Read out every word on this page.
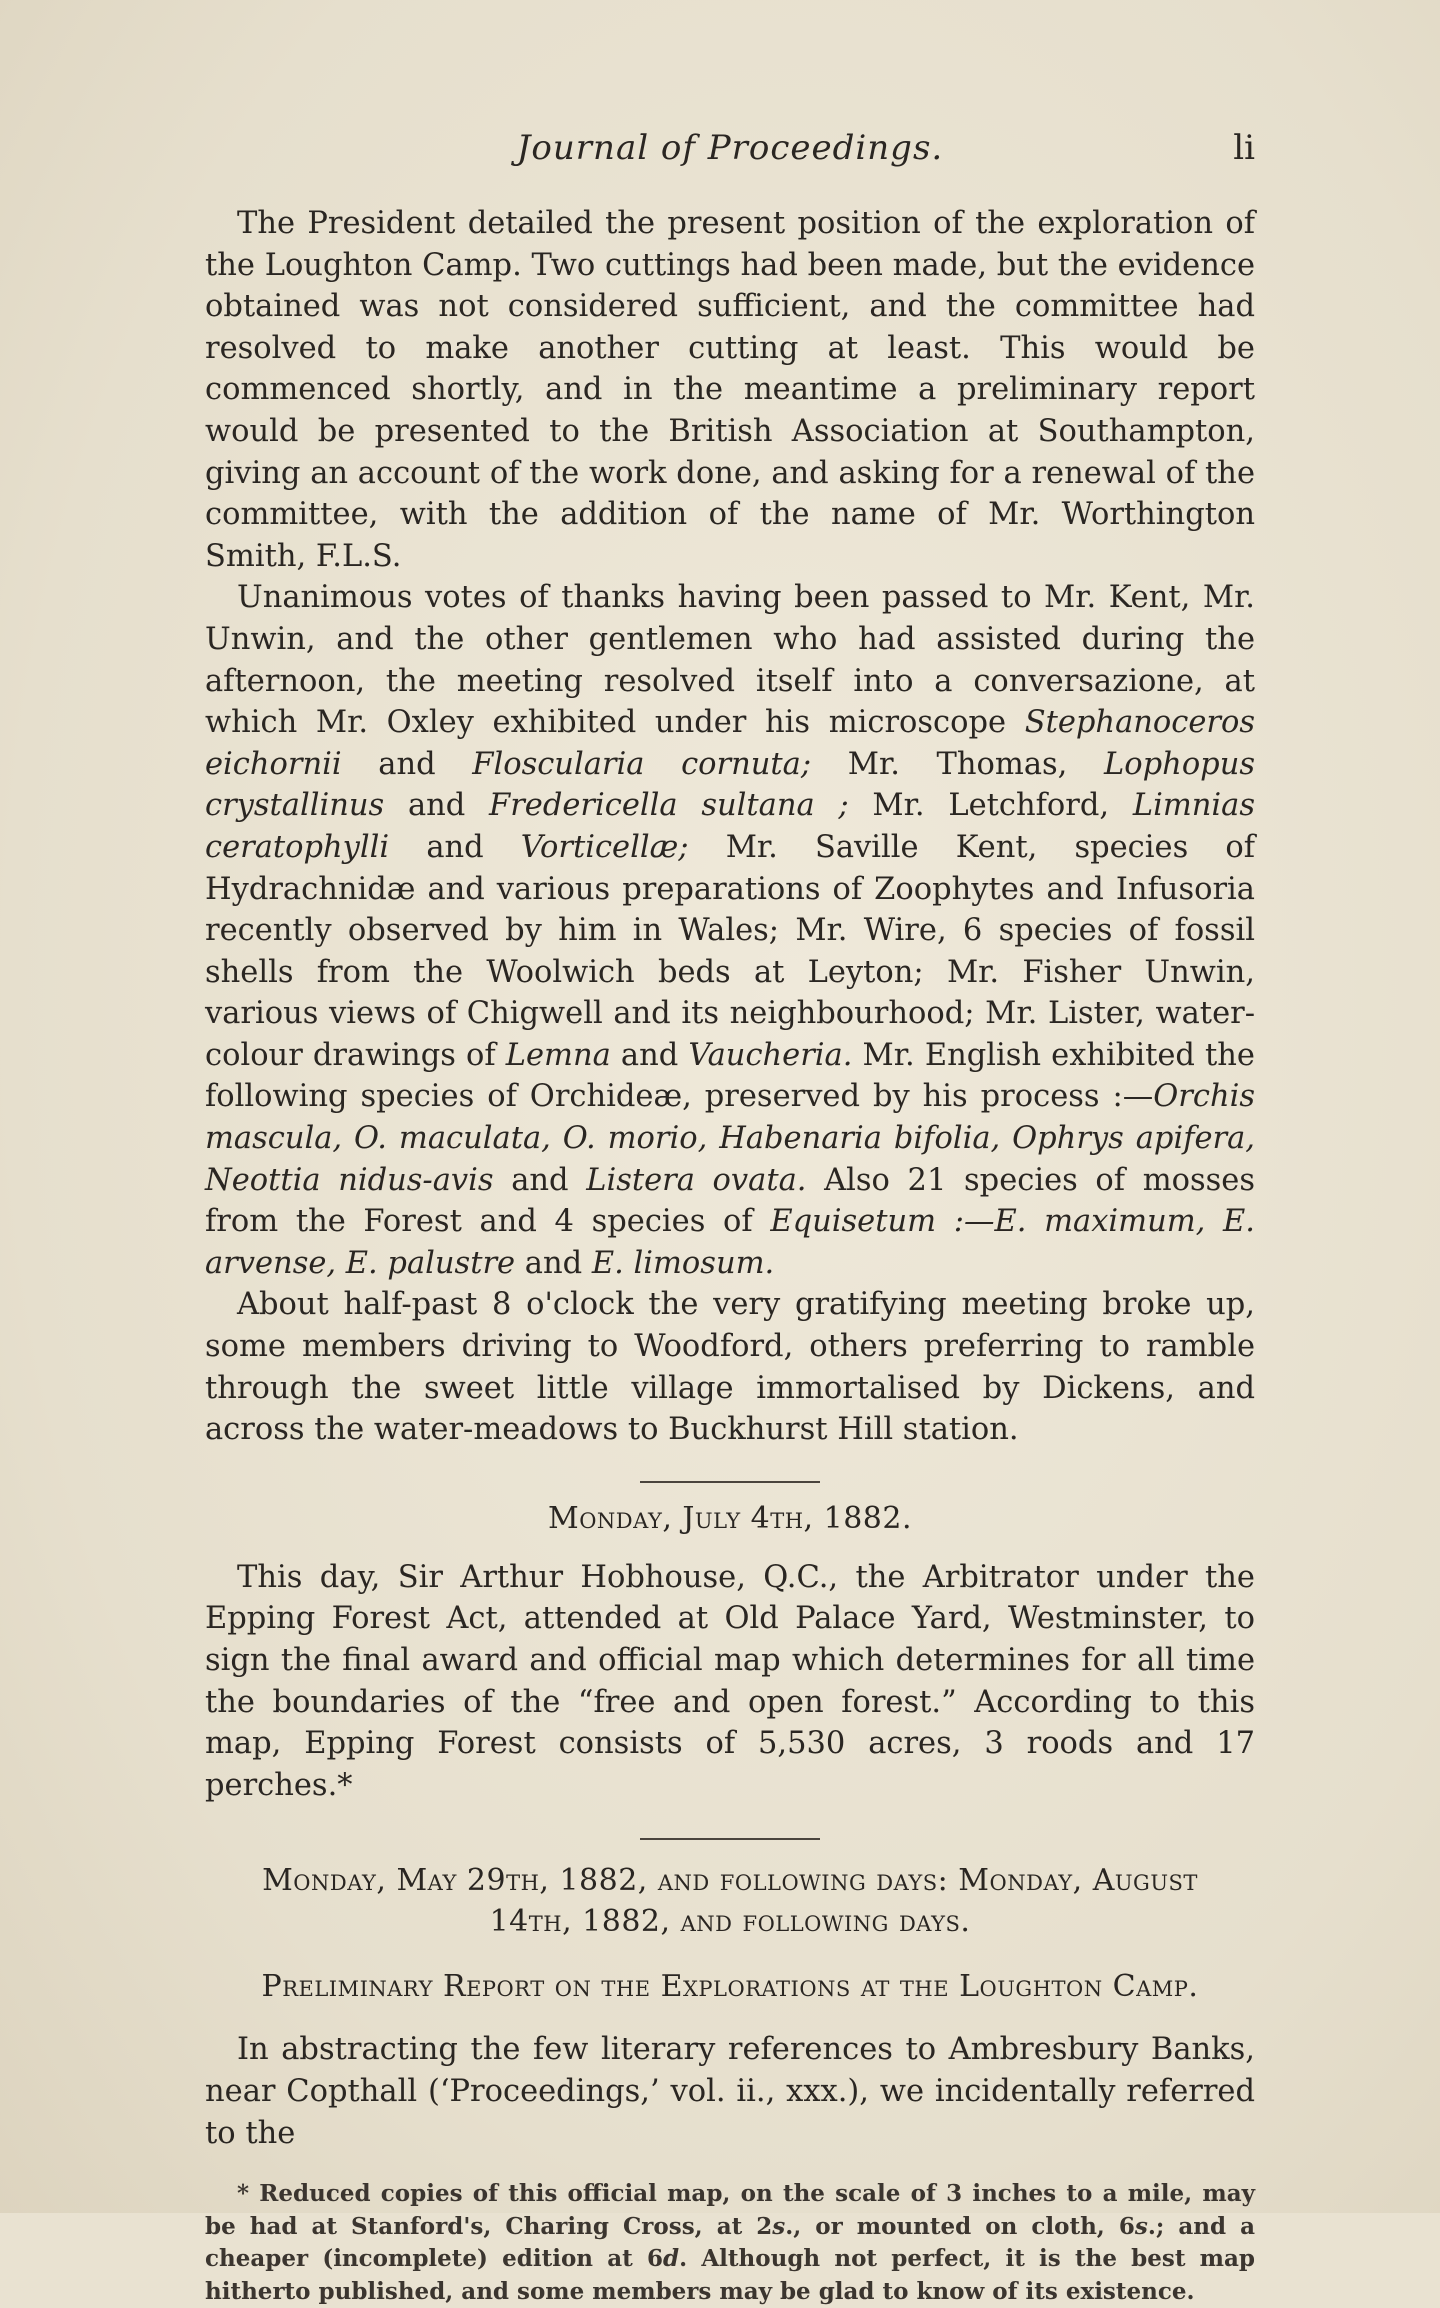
Journal of Proceedings.	li

The President detailed the present position of the exploration of the Loughton Camp. Two cuttings had been made, but the evidence obtained was not considered sufficient, and the committee had resolved to make another cutting at least. This would be commenced shortly, and in the meantime a preliminary report would be presented to the British Association at Southampton, giving an account of the work done, and asking for a renewal of the committee, with the addition of the name of Mr. Worthington Smith, F.L.S.

Unanimous votes of thanks having been passed to Mr. Kent, Mr. Unwin, and the other gentlemen who had assisted during the afternoon, the meeting resolved itself into a conversazione, at which Mr. Oxley exhibited under his microscope Stephanoceros eichornii and Floscularia cornuta; Mr. Thomas, Lophopus crystallinus and Fredericella sultana ; Mr. Letchford, Limnias ceratophylli and Vorticellæ; Mr. Saville Kent, species of Hydrachnidæ and various preparations of Zoophytes and Infusoria recently observed by him in Wales; Mr. Wire, 6 species of fossil shells from the Woolwich beds at Leyton; Mr. Fisher Unwin, various views of Chigwell and its neighbourhood; Mr. Lister, water-colour drawings of Lemna and Vaucheria. Mr. English exhibited the following species of Orchideæ, preserved by his process :—Orchis mascula, O. maculata, O. morio, Habenaria bifolia, Ophrys apifera, Neottia nidus-avis and Listera ovata. Also 21 species of mosses from the Forest and 4 species of Equisetum :—E. maximum, E. arvense, E. palustre and E. limosum.

About half-past 8 o'clock the very gratifying meeting broke up, some members driving to Woodford, others preferring to ramble through the sweet little village immortalised by Dickens, and across the water-meadows to Buckhurst Hill station.

Monday, July 4th, 1882.

This day, Sir Arthur Hobhouse, Q.C., the Arbitrator under the Epping Forest Act, attended at Old Palace Yard, Westminster, to sign the final award and official map which determines for all time the boundaries of the “free and open forest.” According to this map, Epping Forest consists of 5,530 acres, 3 roods and 17 perches.*

Monday, May 29th, 1882, and following days: Monday, August 14th, 1882, and following days.
Preliminary Report on the Explorations at the Loughton Camp.

In abstracting the few literary references to Ambresbury Banks, near Copthall (‘Proceedings,’ vol. ii., xxx.), we incidentally referred to the

* Reduced copies of this official map, on the scale of 3 inches to a mile, may be had at Stanford's, Charing Cross, at 2s., or mounted on cloth, 6s.; and a cheaper (incomplete) edition at 6d. Although not perfect, it is the best map hitherto published, and some members may be glad to know of its existence.
